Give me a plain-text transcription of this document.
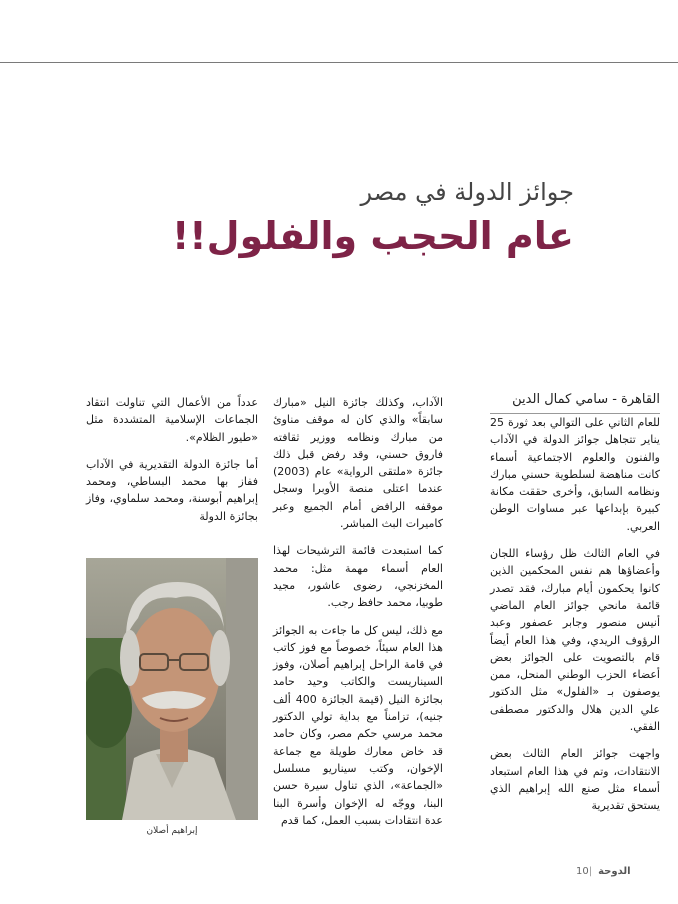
جوائز الدولة في مصر
عام الحجب والفلول!!
القاهرة - سامي كمال الدين

للعام الثاني على التوالي بعد ثورة 25 يناير تتجاهل جوائز الدولة في الآداب والفنون والعلوم الاجتماعية أسماء كانت مناهضة لسلطوية حسني مبارك ونظامه السابق، وأخرى حققت مكانة كبيرة بإبداعها عبر مساوات الوطن العربي.

في العام الثالث ظل رؤساء اللجان وأعضاؤها هم نفس المحكمين الذين كانوا يحكمون أيام مبارك، فقد تصدر قائمة مانحي جوائز العام الماضي أنيس منصور وجابر عصفور وعبد الرؤوف الريدي، وفي هذا العام أيضاً قام بالتصويت على الجوائز بعض أعضاء الحزب الوطني المنحل، ممن يوصفون بـ «الفلول» مثل الدكتور علي الدين هلال والدكتور مصطفى الفقي.

واجهت جوائز العام الثالث بعض الانتقادات، وتم في هذا العام استبعاد أسماء مثل صنع الله إبراهيم الذي يستحق تقديرية

الآداب، وكذلك جائزة النيل «مبارك سابقاً» والذي كان له موقف مناوئ من مبارك ونظامه ووزير ثقافته فاروق حسني، وقد رفض قبل ذلك جائزة «ملتقى الرواية» عام (2003) عندما اعتلى منصة الأوبرا وسجل موقفه الرافض أمام الجميع وعبر كاميرات البث المباشر.

كما استبعدت قائمة الترشيحات لهذا العام أسماء مهمة مثل: محمد المخزنجي، رضوى عاشور، مجيد طوبيا، محمد حافظ رجب.

مع ذلك، ليس كل ما جاءت به الجوائز هذا العام سيئاً، خصوصاً مع فوز كاتب في قامة الراحل إبراهيم أصلان، وفوز السيناريست والكاتب وحيد حامد بجائزة النيل (قيمة الجائزة 400 ألف جنيه)، تزامناً مع بداية تولي الدكتور محمد مرسي حكم مصر، وكان حامد قد خاض معارك طويلة مع جماعة الإخوان، وكتب سيناريو مسلسل «الجماعة»، الذي تناول سيرة حسن البنا، ووجّه له الإخوان وأسرة البنا عدة انتقادات بسبب العمل، كما قدم

عدداً من الأعمال التي تناولت انتقاد الجماعات الإسلامية المتشددة مثل «طيور الظلام».

أما جائزة الدولة التقديرية في الآداب ففاز بها محمد البساطي، ومحمد إبراهيم أبوسنة، ومحمد سلماوي، وفاز بجائزة الدولة

إبراهيم أصلان
الدوحة|10
